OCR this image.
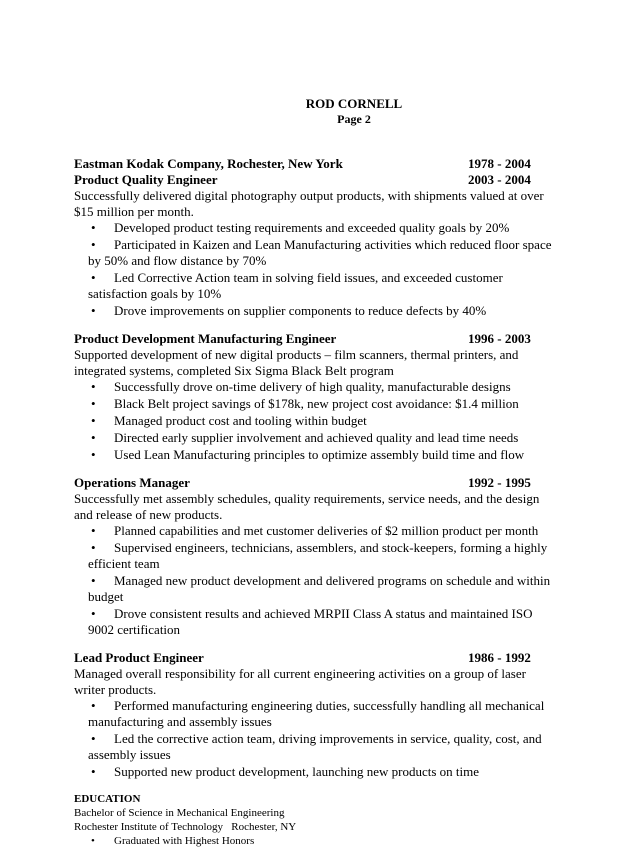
ROD CORNELL
Page 2
Eastman Kodak Company, Rochester, New York	1978 - 2004
Product Quality Engineer	2003 - 2004
Successfully delivered digital photography output products, with shipments valued at over $15 million per month.
• Developed product testing requirements and exceeded quality goals by 20%
• Participated in Kaizen and Lean Manufacturing activities which reduced floor space by 50% and flow distance by 70%
• Led Corrective Action team in solving field issues, and exceeded customer satisfaction goals by 10%
• Drove improvements on supplier components to reduce defects by 40%
Product Development Manufacturing Engineer	1996 - 2003
Supported development of new digital products – film scanners, thermal printers, and integrated systems, completed Six Sigma Black Belt program
• Successfully drove on-time delivery of high quality, manufacturable designs
• Black Belt project savings of $178k, new project cost avoidance: $1.4 million
• Managed product cost and tooling within budget
• Directed early supplier involvement and achieved quality and lead time needs
• Used Lean Manufacturing principles to optimize assembly build time and flow
Operations Manager	1992 - 1995
Successfully met assembly schedules, quality requirements, service needs, and the design and release of new products.
• Planned capabilities and met customer deliveries of $2 million product per month
• Supervised engineers, technicians, assemblers, and stock-keepers, forming a highly efficient team
• Managed new product development and delivered programs on schedule and within budget
• Drove consistent results and achieved MRPII Class A status and maintained ISO 9002 certification
Lead Product Engineer	1986 - 1992
Managed overall responsibility for all current engineering activities on a group of laser writer products.
• Performed manufacturing engineering duties, successfully handling all mechanical manufacturing and assembly issues
• Led the corrective action team, driving improvements in service, quality, cost, and assembly issues
• Supported new product development, launching new products on time
EDUCATION
Bachelor of Science in Mechanical Engineering
Rochester Institute of Technology   Rochester, NY
• Graduated with Highest Honors
